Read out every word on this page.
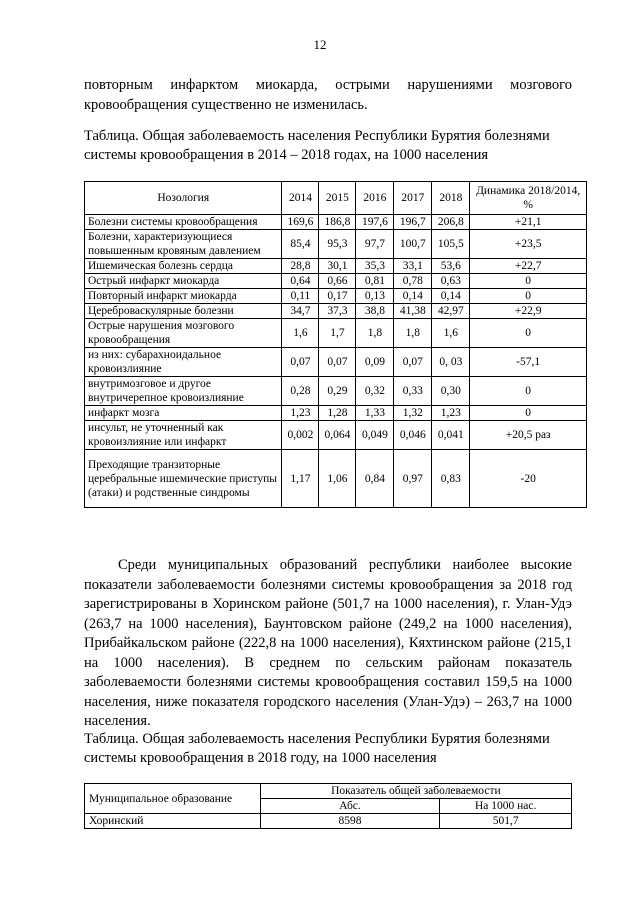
12
повторным инфарктом миокарда, острыми нарушениями мозгового кровообращения существенно не изменилась.
Таблица. Общая заболеваемость населения Республики Бурятия болезнями системы кровообращения в 2014 – 2018 годах, на 1000 населения
Нозология	2014	2015	2016	2017	2018	Динамика 2018/2014, %
Болезни системы кровообращения	169,6	186,8	197,6	196,7	206,8	+21,1
Болезни, характеризующиеся повышенным кровяным давлением	85,4	95,3	97,7	100,7	105,5	+23,5
Ишемическая болезнь сердца	28,8	30,1	35,3	33,1	53,6	+22,7
Острый инфаркт миокарда	0,64	0,66	0,81	0,78	0,63	0
Повторный инфаркт миокарда	0,11	0,17	0,13	0,14	0,14	0
Цереброваскулярные болезни	34,7	37,3	38,8	41,38	42,97	+22,9
Острые нарушения мозгового кровообращения	1,6	1,7	1,8	1,8	1,6	0
из них: субарахноидальное кровоизлияние	0,07	0,07	0,09	0,07	0, 03	-57,1
внутримозговое и другое внутричерепное кровоизлияние	0,28	0,29	0,32	0,33	0,30	0
инфаркт мозга	1,23	1,28	1,33	1,32	1,23	0
инсульт, не уточненный как кровоизлияние или инфаркт	0,002	0,064	0,049	0,046	0,041	+20,5 раз
Преходящие транзиторные церебральные ишемические приступы (атаки) и родственные синдромы	1,17	1,06	0,84	0,97	0,83	-20
Среди муниципальных образований республики наиболее высокие показатели заболеваемости болезнями системы кровообращения за 2018 год зарегистрированы в Хоринском районе (501,7 на 1000 населения), г. Улан-Удэ (263,7 на 1000 населения), Баунтовском районе (249,2 на 1000 населения), Прибайкальском районе (222,8 на 1000 населения), Кяхтинском районе (215,1 на 1000 населения). В среднем по сельским районам показатель заболеваемости болезнями системы кровообращения составил 159,5 на 1000 населения, ниже показателя городского населения (Улан-Удэ) – 263,7 на 1000 населения.
Таблица. Общая заболеваемость населения Республики Бурятия болезнями системы кровообращения в 2018 году, на 1000 населения
Муниципальное образование	Показатель общей заболеваемости	
	Абс.	На 1000 нас.
Хоринский	8598	501,7
